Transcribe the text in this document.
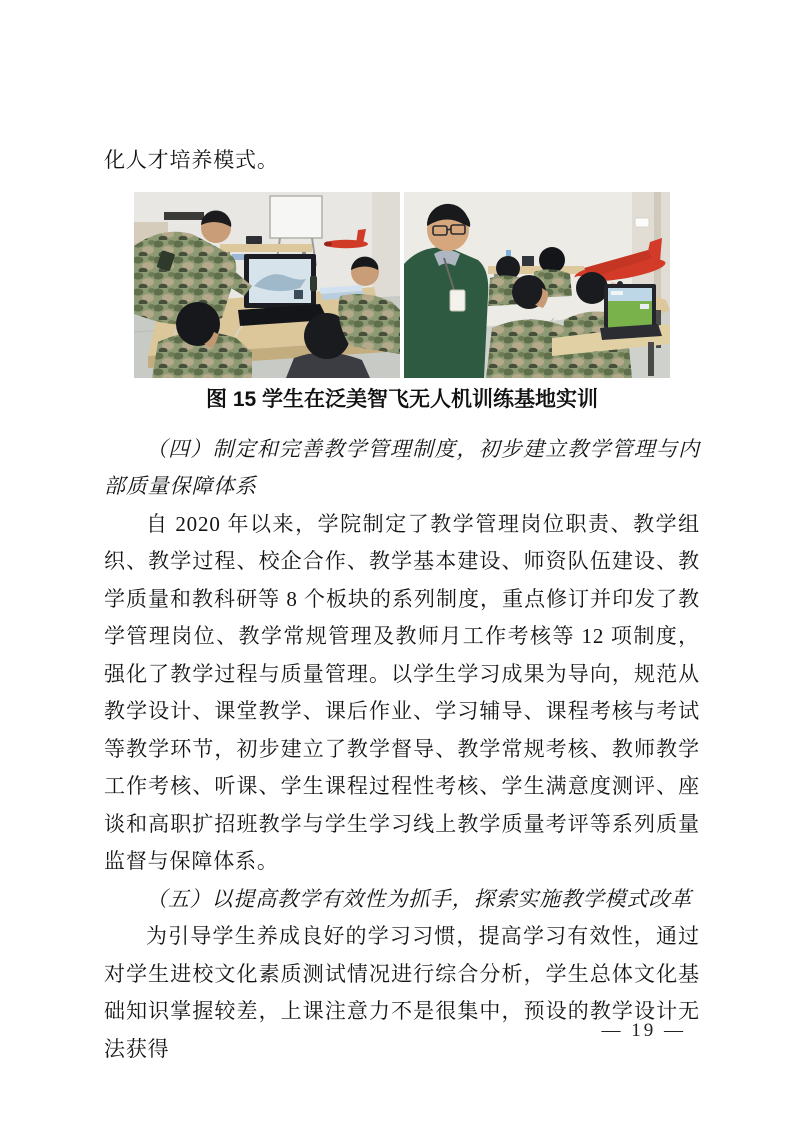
化人才培养模式。

图 15 学生在泛美智飞无人机训练基地实训

（四）制定和完善教学管理制度，初步建立教学管理与内部质量保障体系

自 2020 年以来，学院制定了教学管理岗位职责、教学组织、教学过程、校企合作、教学基本建设、师资队伍建设、教学质量和教科研等 8 个板块的系列制度，重点修订并印发了教学管理岗位、教学常规管理及教师月工作考核等 12 项制度，强化了教学过程与质量管理。以学生学习成果为导向，规范从教学设计、课堂教学、课后作业、学习辅导、课程考核与考试等教学环节，初步建立了教学督导、教学常规考核、教师教学工作考核、听课、学生课程过程性考核、学生满意度测评、座谈和高职扩招班教学与学生学习线上教学质量考评等系列质量监督与保障体系。

（五）以提高教学有效性为抓手，探索实施教学模式改革

为引导学生养成良好的学习习惯，提高学习有效性，通过对学生进校文化素质测试情况进行综合分析，学生总体文化基础知识掌握较差，上课注意力不是很集中，预设的教学设计无法获得

— 19 —
